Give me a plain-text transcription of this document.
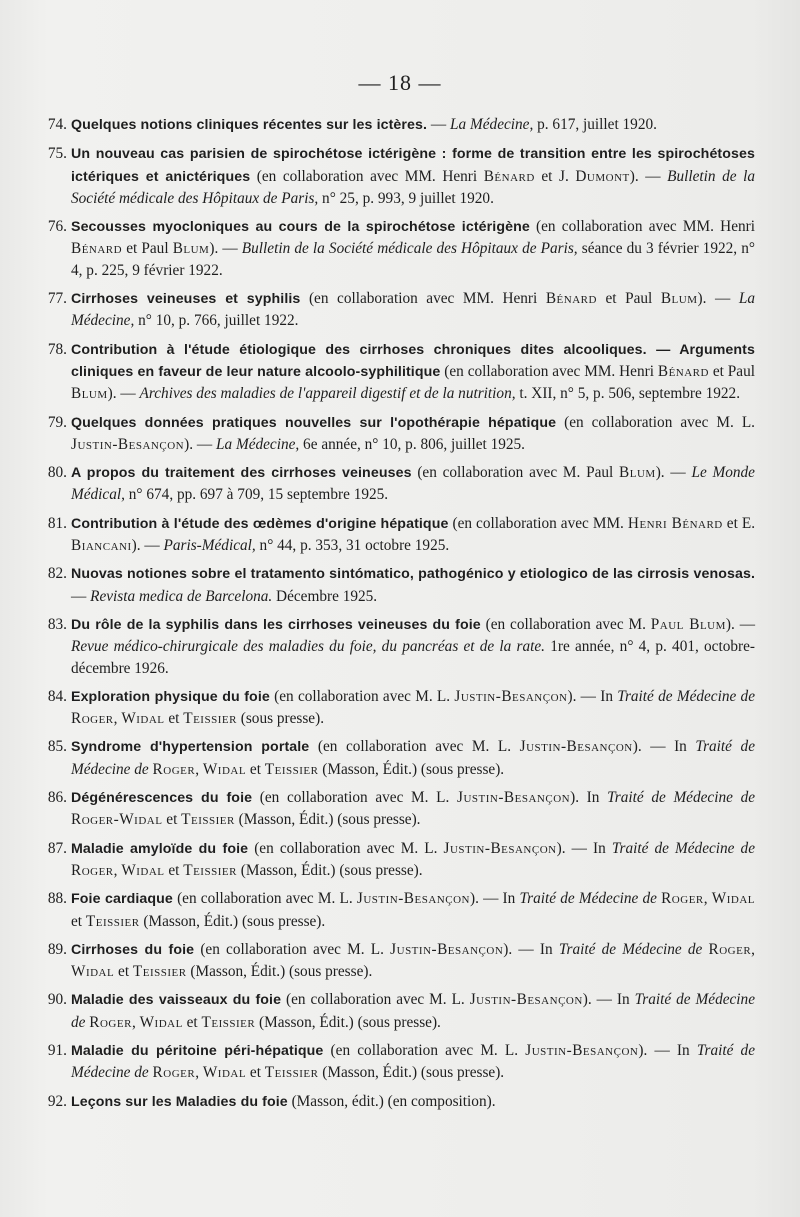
— 18 —
74. Quelques notions cliniques récentes sur les ictères. — La Médecine, p. 617, juillet 1920.
75. Un nouveau cas parisien de spirochétose ictérigène : forme de transition entre les spirochétoses ictériques et anictériques (en collaboration avec MM. Henri Bénard et J. Dumont). — Bulletin de la Société médicale des Hôpitaux de Paris, n° 25, p. 993, 9 juillet 1920.
76. Secousses myocloniques au cours de la spirochétose ictérigène (en collaboration avec MM. Henri Bénard et Paul Blum). — Bulletin de la Société médicale des Hôpitaux de Paris, séance du 3 février 1922, n° 4, p. 225, 9 février 1922.
77. Cirrhoses veineuses et syphilis (en collaboration avec MM. Henri Bénard et Paul Blum). — La Médecine, n° 10, p. 766, juillet 1922.
78. Contribution à l'étude étiologique des cirrhoses chroniques dites alcooliques. — Arguments cliniques en faveur de leur nature alcoolo-syphilitique (en collaboration avec MM. Henri Bénard et Paul Blum). — Archives des maladies de l'appareil digestif et de la nutrition, t. XII, n° 5, p. 506, septembre 1922.
79. Quelques données pratiques nouvelles sur l'opothérapie hépatique (en collaboration avec M. L. Justin-Besançon). — La Médecine, 6e année, n° 10, p. 806, juillet 1925.
80. A propos du traitement des cirrhoses veineuses (en collaboration avec M. Paul Blum). — Le Monde Médical, n° 674, pp. 697 à 709, 15 septembre 1925.
81. Contribution à l'étude des œdèmes d'origine hépatique (en collaboration avec MM. Henri Bénard et E. Biancani). — Paris-Médical, n° 44, p. 353, 31 octobre 1925.
82. Nuovas notiones sobre el tratamento sintómatico, pathogénico y etiologico de las cirrosis venosas. — Revista medica de Barcelona. Décembre 1925.
83. Du rôle de la syphilis dans les cirrhoses veineuses du foie (en collaboration avec M. Paul Blum). — Revue médico-chirurgicale des maladies du foie, du pancréas et de la rate. 1re année, n° 4, p. 401, octobre-décembre 1926.
84. Exploration physique du foie (en collaboration avec M. L. Justin-Besançon). — In Traité de Médecine de Roger, Widal et Teissier (sous presse).
85. Syndrome d'hypertension portale (en collaboration avec M. L. Justin-Besançon). — In Traité de Médecine de Roger, Widal et Teissier (Masson, Édit.) (sous presse).
86. Dégénérescences du foie (en collaboration avec M. L. Justin-Besançon). In Traité de Médecine de Roger-Widal et Teissier (Masson, Édit.) (sous presse).
87. Maladie amyloïde du foie (en collaboration avec M. L. Justin-Besançon). — In Traité de Médecine de Roger, Widal et Teissier (Masson, Édit.) (sous presse).
88. Foie cardiaque (en collaboration avec M. L. Justin-Besançon). — In Traité de Médecine de Roger, Widal et Teissier (Masson, Édit.) (sous presse).
89. Cirrhoses du foie (en collaboration avec M. L. Justin-Besançon). — In Traité de Médecine de Roger, Widal et Teissier (Masson, Édit.) (sous presse).
90. Maladie des vaisseaux du foie (en collaboration avec M. L. Justin-Besançon). — In Traité de Médecine de Roger, Widal et Teissier (Masson, Édit.) (sous presse).
91. Maladie du péritoine péri-hépatique (en collaboration avec M. L. Justin-Besançon). — In Traité de Médecine de Roger, Widal et Teissier (Masson, Édit.) (sous presse).
92. Leçons sur les Maladies du foie (Masson, édit.) (en composition).
